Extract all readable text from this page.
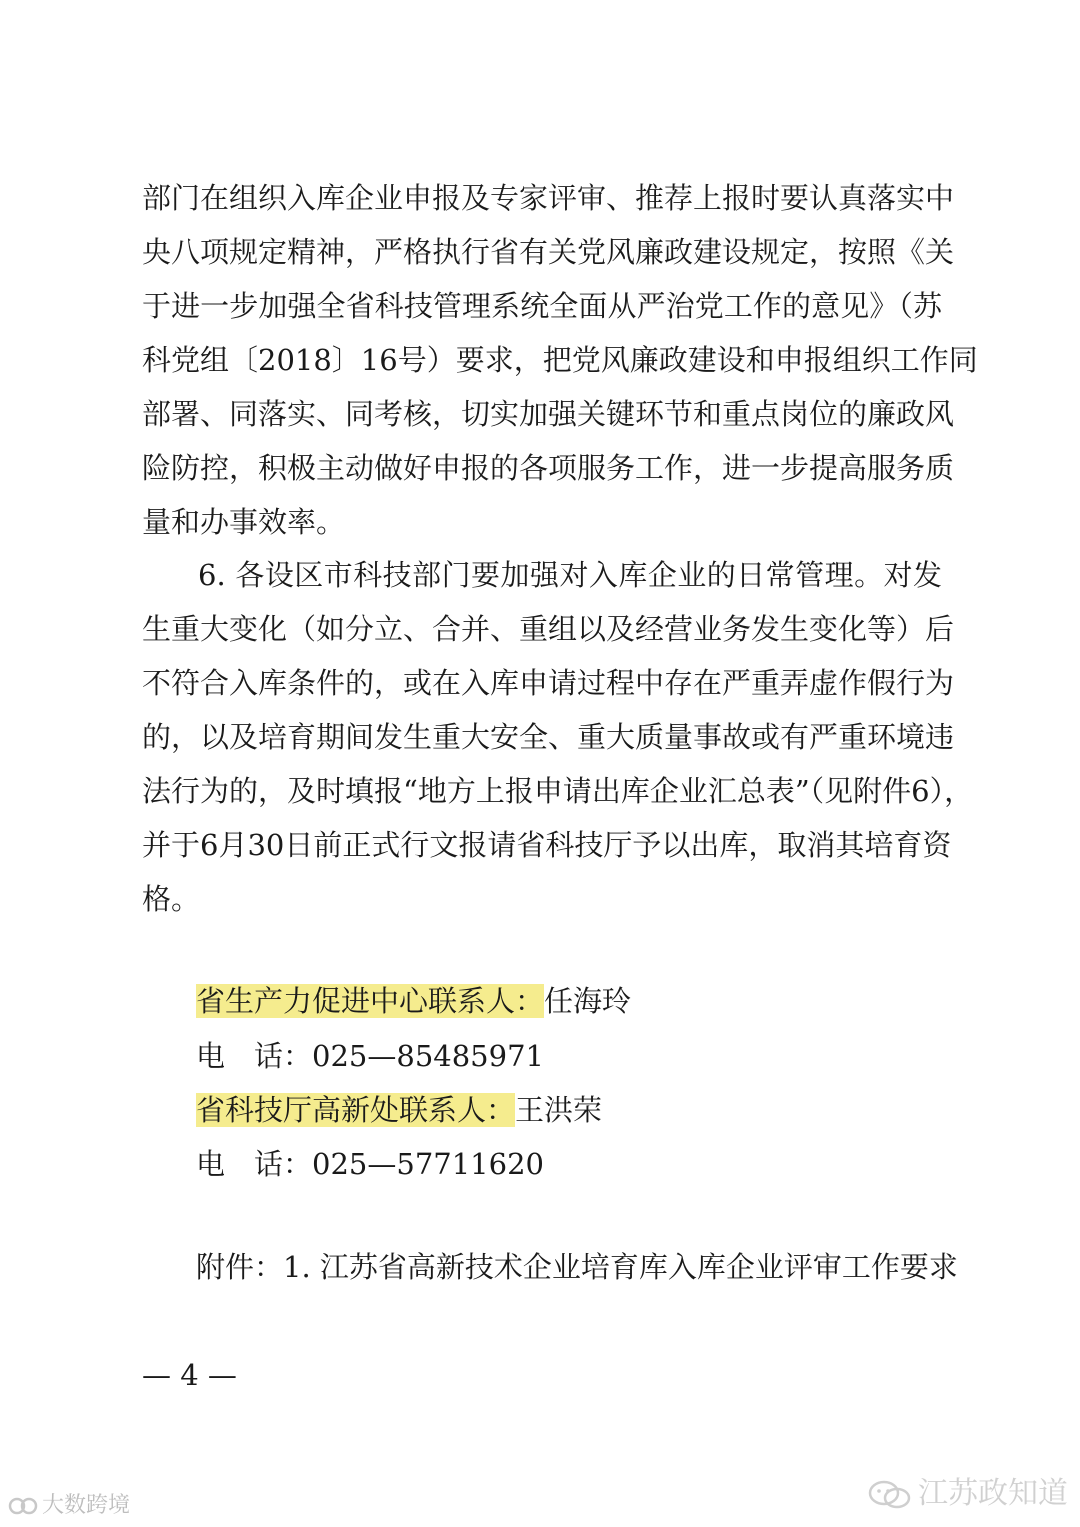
部门在组织入库企业申报及专家评审、推荐上报时要认真落实中
央八项规定精神，严格执行省有关党风廉政建设规定，按照《关
于进一步加强全省科技管理系统全面从严治党工作的意见》（苏
科党组〔2018〕16号）要求，把党风廉政建设和申报组织工作同
部署、同落实、同考核，切实加强关键环节和重点岗位的廉政风
险防控，积极主动做好申报的各项服务工作，进一步提高服务质
量和办事效率。
6. 各设区市科技部门要加强对入库企业的日常管理。对发
生重大变化（如分立、合并、重组以及经营业务发生变化等）后
不符合入库条件的，或在入库申请过程中存在严重弄虚作假行为
的，以及培育期间发生重大安全、重大质量事故或有严重环境违
法行为的，及时填报“地方上报申请出库企业汇总表”（见附件6），
并于6月30日前正式行文报请省科技厅予以出库，取消其培育资
格。
省生产力促进中心联系人：任海玲
电　话：025—85485971
省科技厅高新处联系人：王洪荣
电　话：025—57711620
附件：1. 江苏省高新技术企业培育库入库企业评审工作要求
— 4 —
大数跨境	江苏政知道
